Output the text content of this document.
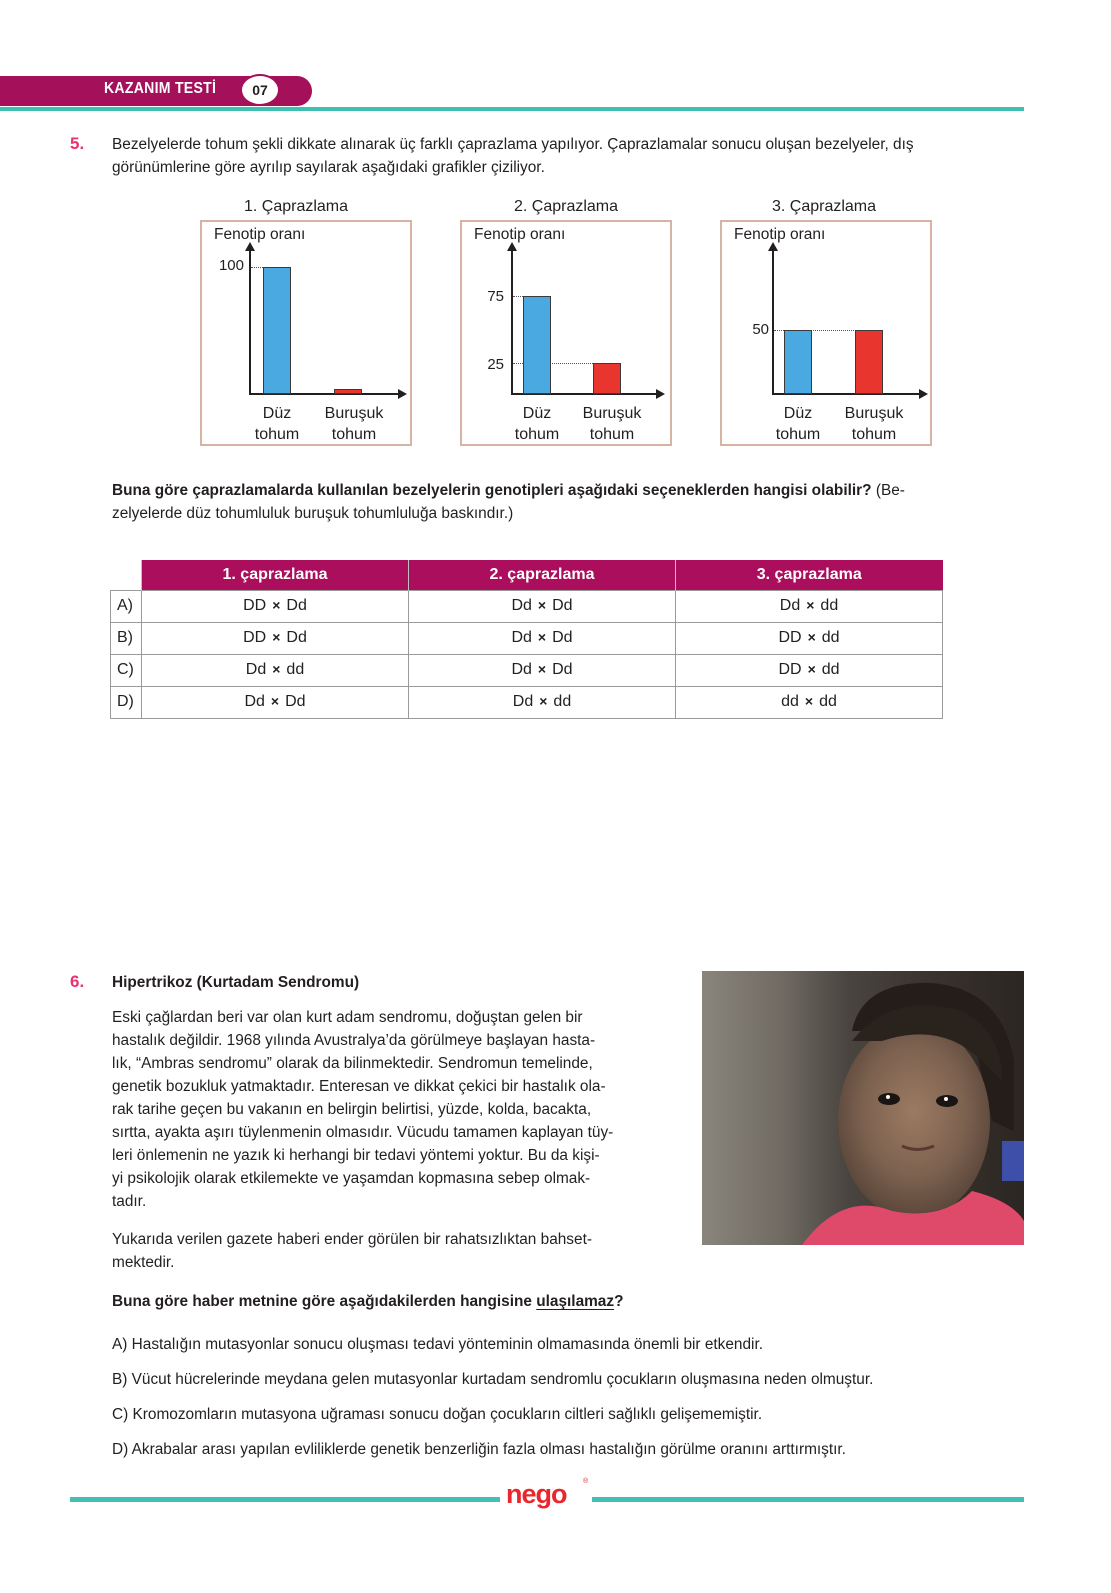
KAZANIM TESTİ	07
5. Bezelyelerde tohum şekli dikkate alınarak üç farklı çaprazlama yapılıyor. Çaprazlamalar sonucu oluşan bezelyeler, dış
görünümlerine göre ayrılıp sayılarak aşağıdaki grafikler çiziliyor.
1. Çaprazlama
Fenotip oranı
100
Düz
tohum
Buruşuk
tohum
2. Çaprazlama
Fenotip oranı
75
25
Düz
tohum
Buruşuk
tohum
3. Çaprazlama
Fenotip oranı
50
Düz
tohum
Buruşuk
tohum
Buna göre çaprazlamalarda kullanılan bezelyelerin genotipleri aşağıdaki seçeneklerden hangisi olabilir? (Be-
zelyelerde düz tohumluluk buruşuk tohumluluğa baskındır.)
	1. çaprazlama	2. çaprazlama	3. çaprazlama
A)	DD × Dd	Dd × Dd	Dd × dd
B)	DD × Dd	Dd × Dd	DD × dd
C)	Dd × dd	Dd × Dd	DD × dd
D)	Dd × Dd	Dd × dd	dd × dd
6. Hipertrikoz (Kurtadam Sendromu)
Eski çağlardan beri var olan kurt adam sendromu, doğuştan gelen bir
hastalık değildir. 1968 yılında Avustralya’da görülmeye başlayan hasta-
lık, “Ambras sendromu” olarak da bilinmektedir. Sendromun temelinde,
genetik bozukluk yatmaktadır. Enteresan ve dikkat çekici bir hastalık ola-
rak tarihe geçen bu vakanın en belirgin belirtisi, yüzde, kolda, bacakta,
sırtta, ayakta aşırı tüylenmenin olmasıdır. Vücudu tamamen kaplayan tüy-
leri önlemenin ne yazık ki herhangi bir tedavi yöntemi yoktur. Bu da kişi-
yi psikolojik olarak etkilemekte ve yaşamdan kopmasına sebep olmak-
tadır.
Yukarıda verilen gazete haberi ender görülen bir rahatsızlıktan bahset-
mektedir.
Buna göre haber metnine göre aşağıdakilerden hangisine ulaşılamaz?
A) Hastalığın mutasyonlar sonucu oluşması tedavi yönteminin olmamasında önemli bir etkendir.
B) Vücut hücrelerinde meydana gelen mutasyonlar kurtadam sendromlu çocukların oluşmasına neden olmuştur.
C) Kromozomların mutasyona uğraması sonucu doğan çocukların ciltleri sağlıklı gelişememiştir.
D) Akrabalar arası yapılan evliliklerde genetik benzerliğin fazla olması hastalığın görülme oranını arttırmıştır.
nego ®
